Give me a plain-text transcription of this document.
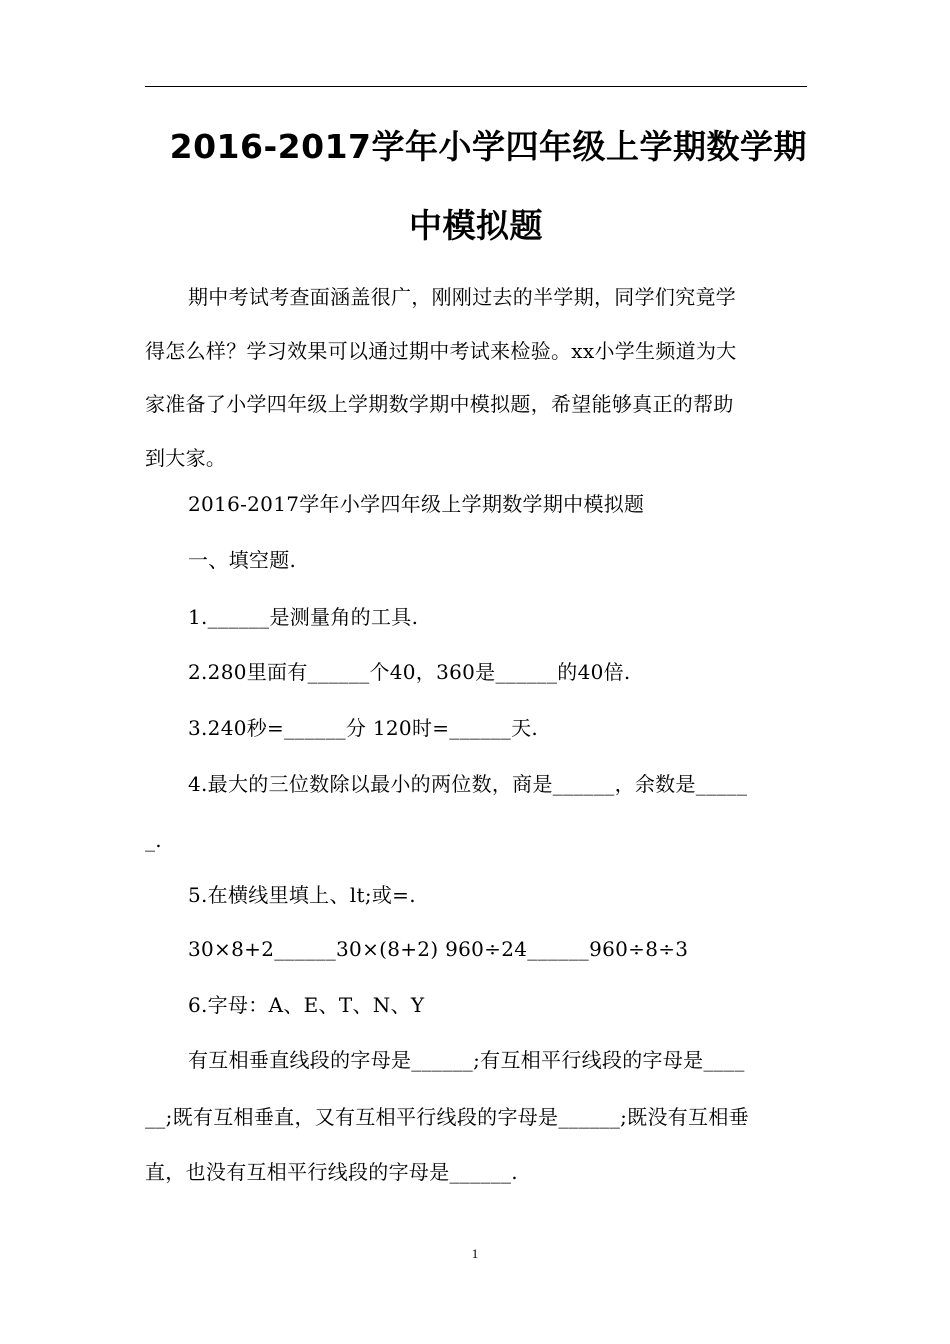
2016-2017学年小学四年级上学期数学期
中模拟题
期中考试考查面涵盖很广，刚刚过去的半学期，同学们究竟学
得怎么样？学习效果可以通过期中考试来检验。xx小学生频道为大
家准备了小学四年级上学期数学期中模拟题，希望能够真正的帮助
到大家。
2016-2017学年小学四年级上学期数学期中模拟题
一、填空题.
1.______是测量角的工具.
2.280里面有______个40，360是______的40倍.
3.240秒=______分 120时=______天.
4.最大的三位数除以最小的两位数，商是______，余数是_____
_.
5.在横线里填上、lt;或=.
30×8+2______30×(8+2) 960÷24______960÷8÷3
6.字母：A、E、T、N、Y
有互相垂直线段的字母是______;有互相平行线段的字母是____
__;既有互相垂直，又有互相平行线段的字母是______;既没有互相垂
直，也没有互相平行线段的字母是______.
1
